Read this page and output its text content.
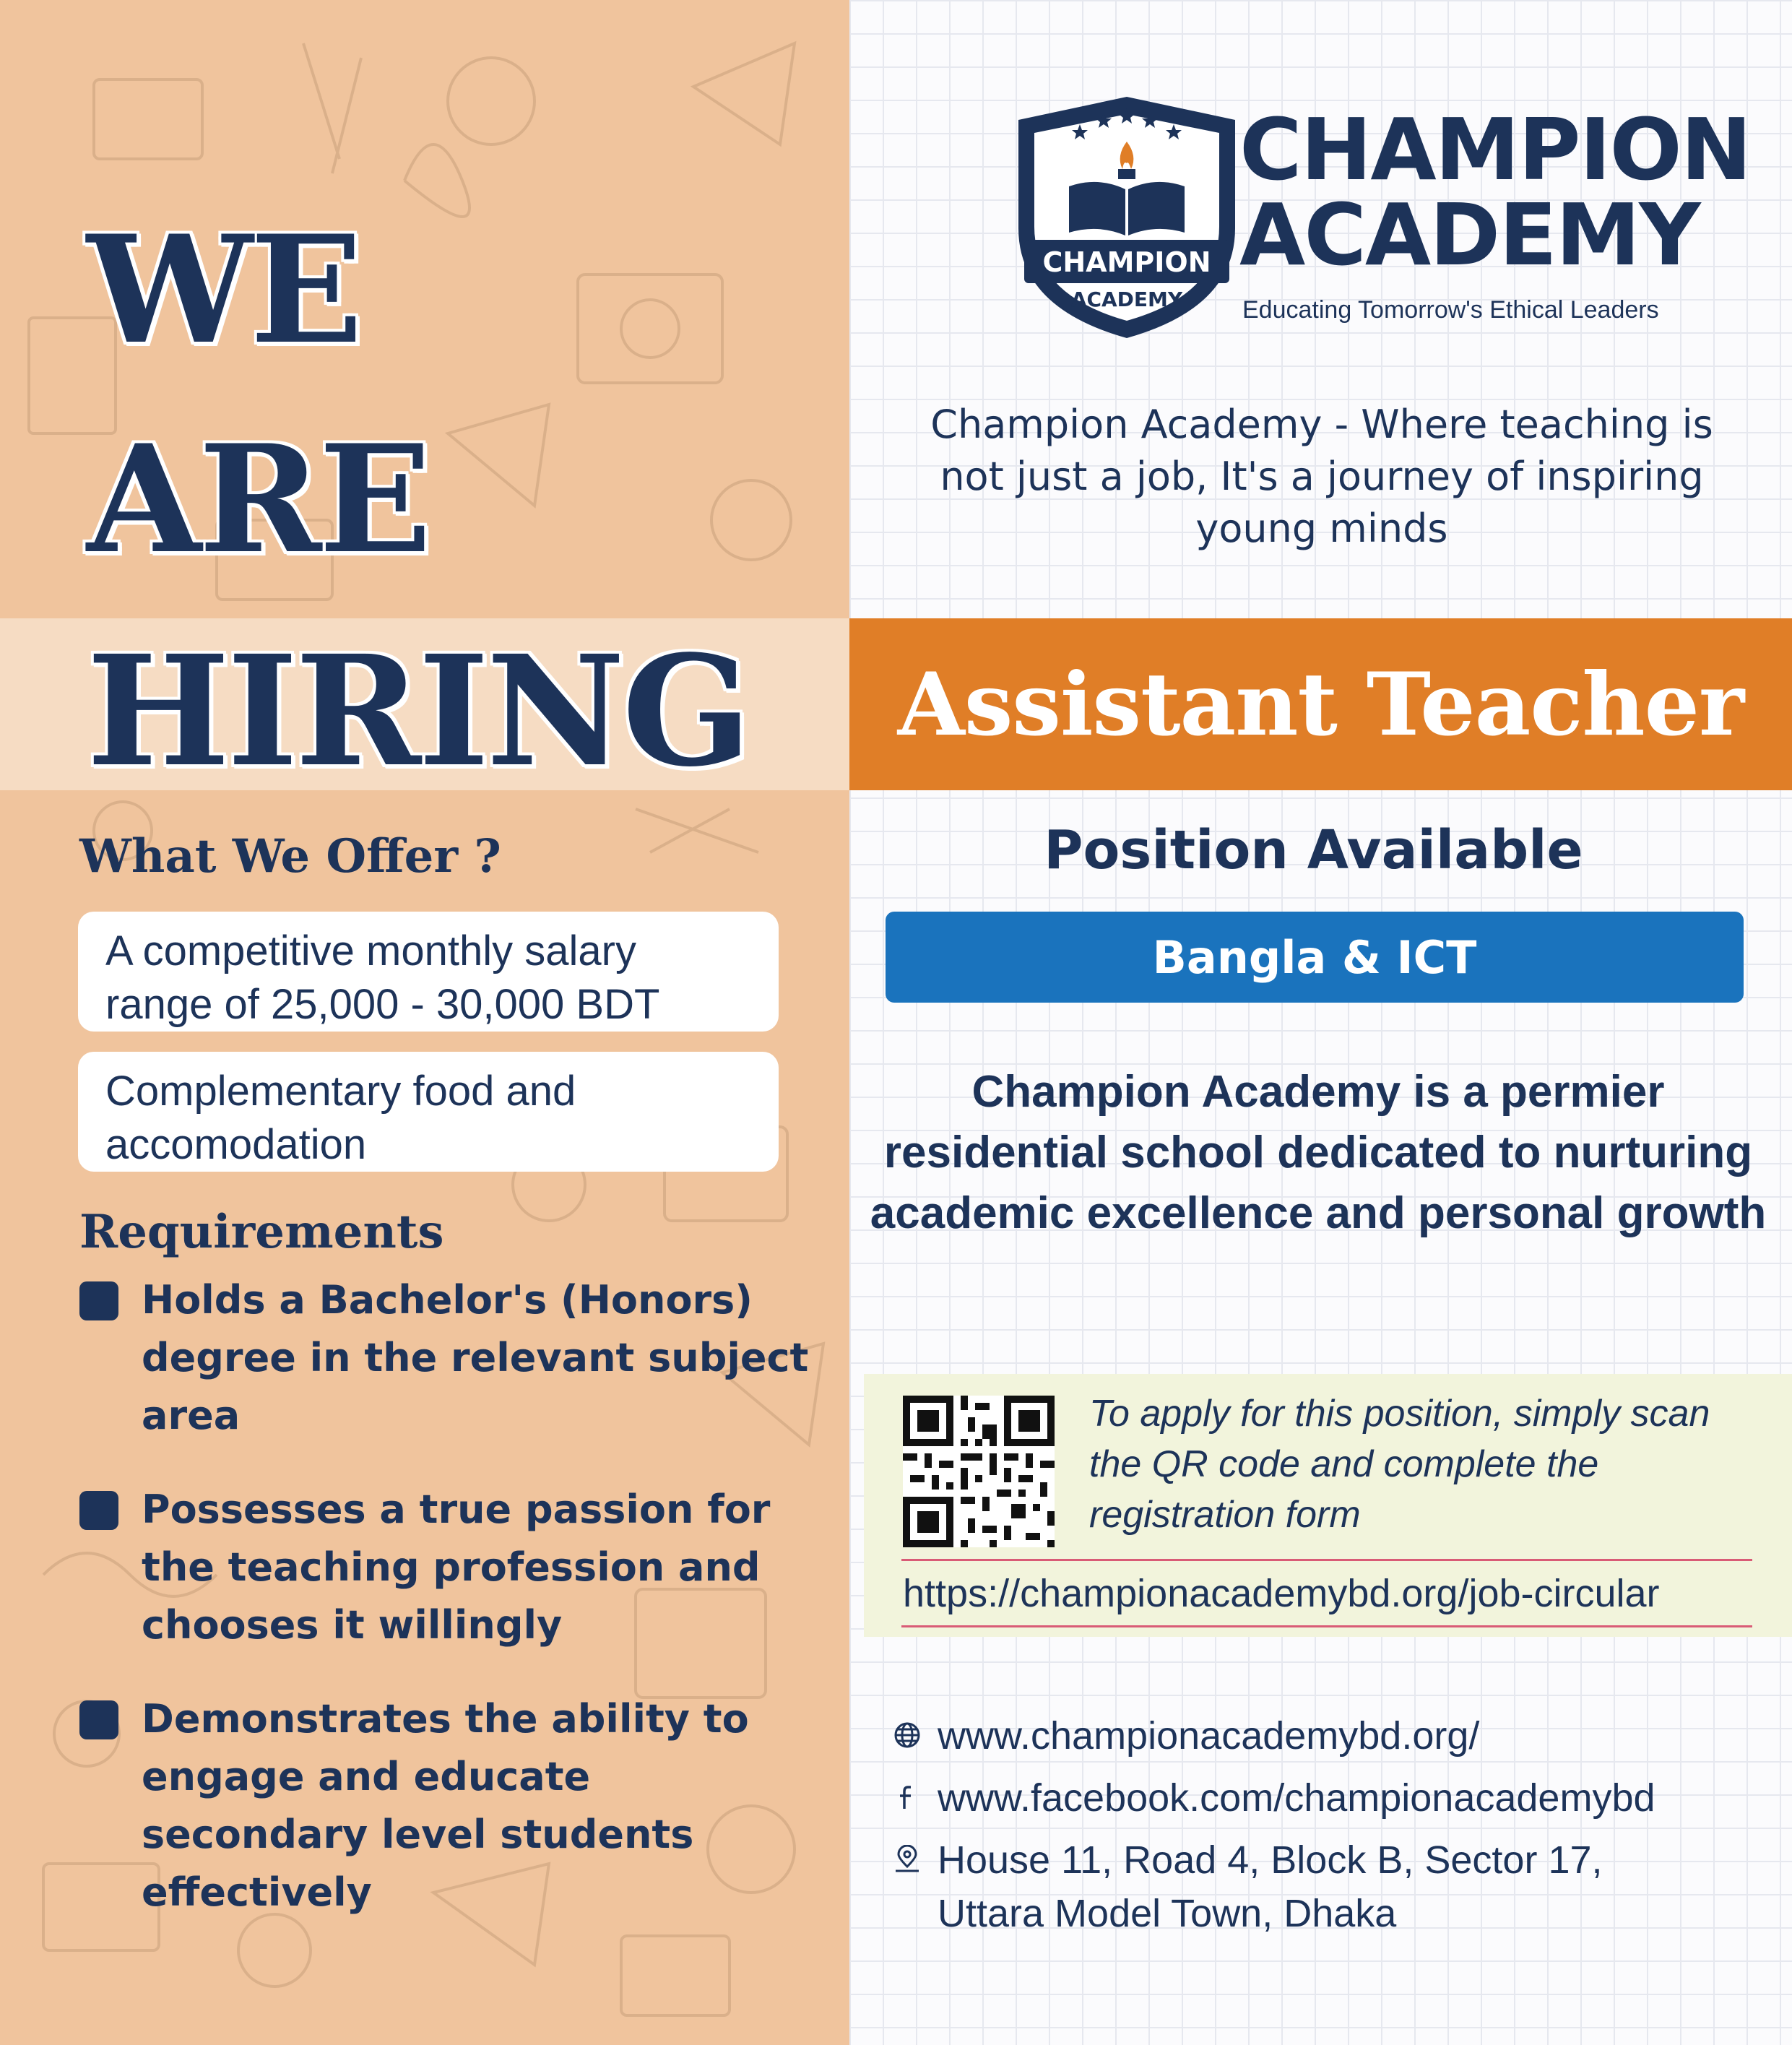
WE
ARE
HIRING
What We Offer ?
A competitive monthly salary range of 25,000 - 30,000 BDT
Complementary food and accomodation
Requirements
Holds a Bachelor's (Honors) degree in the relevant subject area
Possesses a true passion for the teaching profession and chooses it willingly
Demonstrates the ability to engage and educate secondary level students effectively
CHAMPION
ACADEMY
CHAMPION
ACADEMY
Educating Tomorrow's Ethical Leaders
Champion Academy - Where teaching is not just a job, It's a journey of inspiring young minds
Assistant Teacher
Position Available
Bangla & ICT
Champion Academy is a permier residential school dedicated to nurturing academic excellence and personal growth
To apply for this position, simply scan the QR code and complete the registration form
https://championacademybd.org/job-circular
www.championacademybd.org/
www.facebook.com/championacademybd
House 11, Road 4, Block B, Sector 17,
Uttara Model Town, Dhaka
